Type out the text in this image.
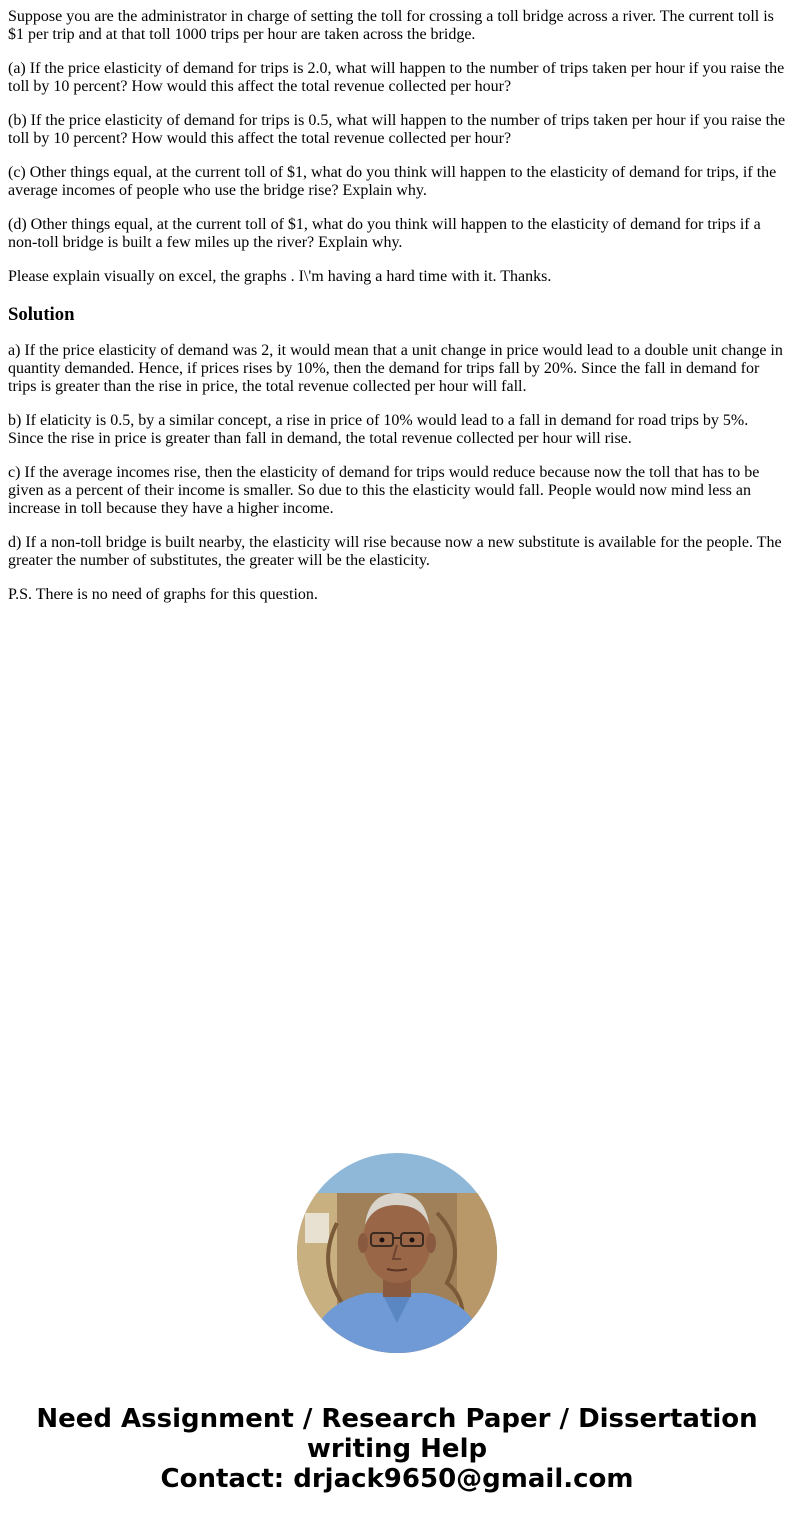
Suppose you are the administrator in charge of setting the toll for crossing a toll bridge across a river. The current toll is $1 per trip and at that toll 1000 trips per hour are taken across the bridge.

(a) If the price elasticity of demand for trips is 2.0, what will happen to the number of trips taken per hour if you raise the toll by 10 percent? How would this affect the total revenue collected per hour?

(b) If the price elasticity of demand for trips is 0.5, what will happen to the number of trips taken per hour if you raise the toll by 10 percent? How would this affect the total revenue collected per hour?

(c) Other things equal, at the current toll of $1, what do you think will happen to the elasticity of demand for trips, if the average incomes of people who use the bridge rise? Explain why.

(d) Other things equal, at the current toll of $1, what do you think will happen to the elasticity of demand for trips if a non-toll bridge is built a few miles up the river? Explain why.

Please explain visually on excel, the graphs . I\'m having a hard time with it. Thanks.

Solution

a) If the price elasticity of demand was 2, it would mean that a unit change in price would lead to a double unit change in quantity demanded. Hence, if prices rises by 10%, then the demand for trips fall by 20%. Since the fall in demand for trips is greater than the rise in price, the total revenue collected per hour will fall.

b) If elaticity is 0.5, by a similar concept, a rise in price of 10% would lead to a fall in demand for road trips by 5%. Since the rise in price is greater than fall in demand, the total revenue collected per hour will rise.

c) If the average incomes rise, then the elasticity of demand for trips would reduce because now the toll that has to be given as a percent of their income is smaller. So due to this the elasticity would fall. People would now mind less an increase in toll because they have a higher income.

d) If a non-toll bridge is built nearby, the elasticity will rise because now a new substitute is available for the people. The greater the number of substitutes, the greater will be the elasticity.

P.S. There is no need of graphs for this question.

Need Assignment / Research Paper / Dissertation
writing Help
Contact: drjack9650@gmail.com
